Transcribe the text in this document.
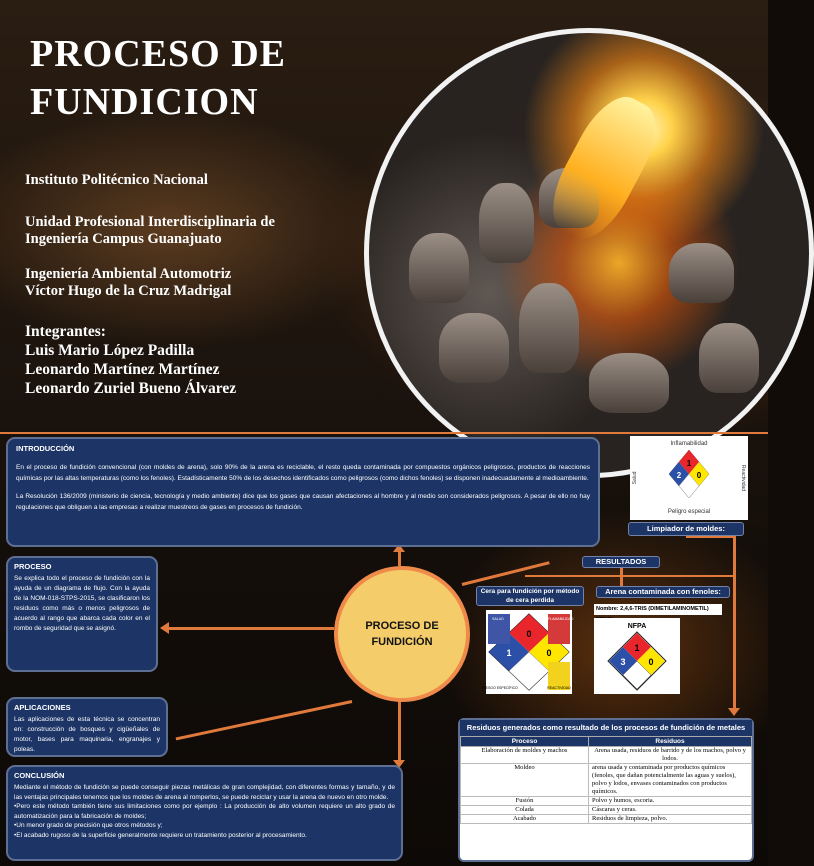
PROCESO DE
FUNDICION
Instituto Politécnico Nacional
Unidad Profesional Interdisciplinaria de
Ingeniería Campus Guanajuato
Ingeniería Ambiental Automotriz
Víctor Hugo de la Cruz Madrigal
Integrantes:
Luis Mario López Padilla
Leonardo Martínez Martínez
Leonardo Zuriel Bueno Álvarez
INTRODUCCIÓN
En el proceso de fundición convencional (con moldes de arena), solo 90% de la arena es reciclable, el resto queda contaminada por compuestos orgánicos peligrosos, productos de reacciones químicas por las altas temperaturas (como los fenoles). Estadísticamente 50% de los desechos identificados como peligrosos (como dichos fenoles) se disponen inadecuadamente al medioambiente.
La Resolución 136/2009 (ministerio de ciencia, tecnología y medio ambiente) dice que los gases que causan afectaciones al hombre y al medio son considerados peligrosos. A pesar de ello no hay regulaciones que obliguen a las empresas a realizar muestreos de gases en procesos de fundición.
Inflamabilidad
1
2 0
Salud	Reactividad
Peligro especial
Limpiador de moldes:
RESULTADOS
Cera para fundición por método de cera perdida
Arena contaminada con fenoles:
Nombre: 2,4,6-TRIS (DIMETILAMINOMETIL)
0
1	0
SALUD	INFLAMABILIDAD
REACTIVIDAD
RIESGO ESPECÍFICO
NFPA
1
3	0
PROCESO
Se explica todo el proceso de fundición con la ayuda de un diagrama de flujo. Con la ayuda de la NOM-018-STPS-2015, se clasificaron los residuos como más o menos peligrosos de acuerdo al rango que abarca cada color en el rombo de seguridad que se asignó.	PROCESO DE
FUNDICIÓN
APLICACIONES
Las aplicaciones de esta técnica se concentran en: construcción de bosques y cigüeñales de motor, bases para maquinaria, engranajes y poleas.
CONCLUSIÓN
Mediante el método de fundición se puede conseguir piezas metálicas de gran complejidad, con diferentes formas y tamaño, y de las ventajas principales tenemos que los moldes de arena al romperlos, se puede reciclar y usar la arena de nuevo en otro molde.
•Pero este método también tiene sus limitaciones como por ejemplo : La producción de alto volumen requiere un alto grado de automatización para la fabricación de moldes;
•Un menor grado de precisión que otros métodos y;
•El acabado rugoso de la superficie generalmente requiere un tratamiento posterior al procesamiento.
Residuos generados como resultado de los procesos de fundición de metales
Proceso	Residuos
Elaboración de moldes y machos	Arena usada, residuos de barrido y de los machos, polvo y lodos.
Moldeo	arena usada y contaminada por productos químicos (fenoles, que dañan potencialmente las aguas y suelos), polvo y lodos, envases contaminados con productos químicos.
Fusión	Polvo y humos, escoria.
Colada	Cáscaras y ceras.
Acabado	Residuos de limpieza, polvo.
